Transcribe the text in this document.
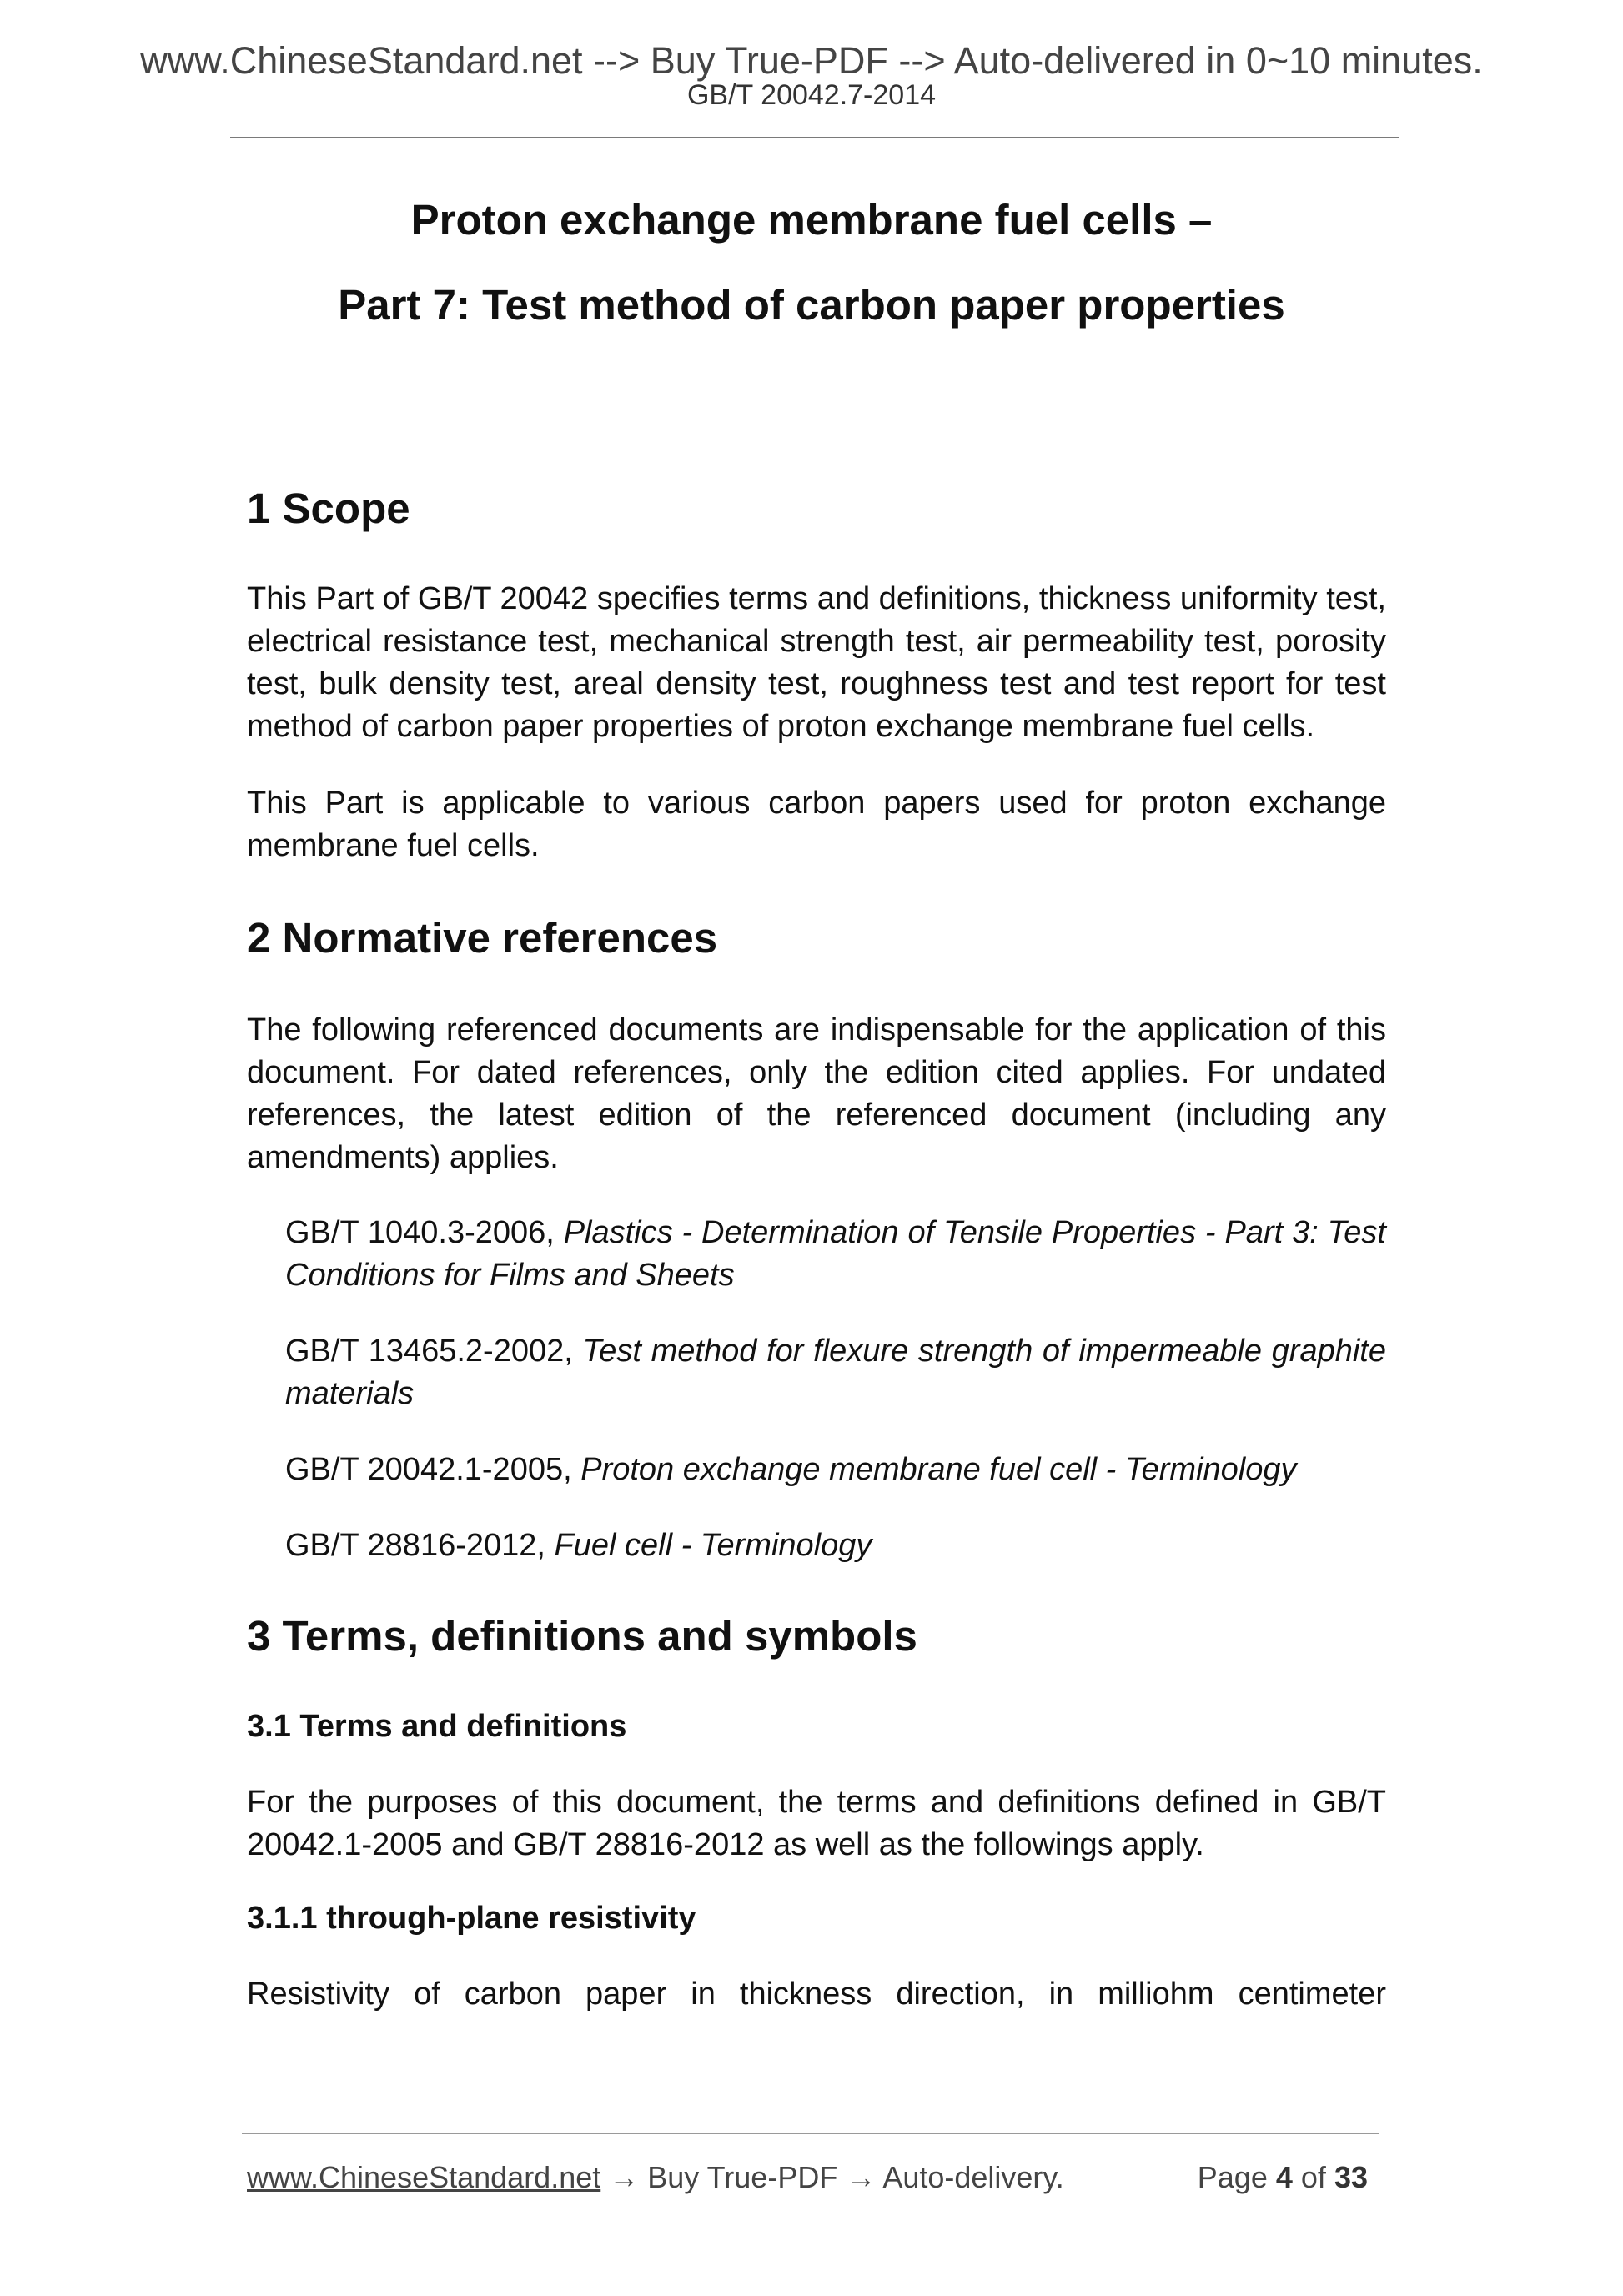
www.ChineseStandard.net --> Buy True-PDF --> Auto-delivered in 0~10 minutes.
GB/T 20042.7-2014
Proton exchange membrane fuel cells –
Part 7: Test method of carbon paper properties
1 Scope

This Part of GB/T 20042 specifies terms and definitions, thickness uniformity test, electrical resistance test, mechanical strength test, air permeability test, porosity test, bulk density test, areal density test, roughness test and test report for test method of carbon paper properties of proton exchange membrane fuel cells.

This Part is applicable to various carbon papers used for proton exchange membrane fuel cells.

2 Normative references

The following referenced documents are indispensable for the application of this document. For dated references, only the edition cited applies. For undated references, the latest edition of the referenced document (including any amendments) applies.

GB/T 1040.3-2006, Plastics - Determination of Tensile Properties - Part 3: Test Conditions for Films and Sheets
GB/T 13465.2-2002, Test method for flexure strength of impermeable graphite materials
GB/T 20042.1-2005, Proton exchange membrane fuel cell - Terminology
GB/T 28816-2012, Fuel cell - Terminology
3 Terms, definitions and symbols
3.1 Terms and definitions

For the purposes of this document, the terms and definitions defined in GB/T 20042.1-2005 and GB/T 28816-2012 as well as the followings apply.

3.1.1 through-plane resistivity

Resistivity of carbon paper in thickness direction, in milliohm centimeter

www.ChineseStandard.net → Buy True-PDF → Auto-delivery.	Page 4 of 33
